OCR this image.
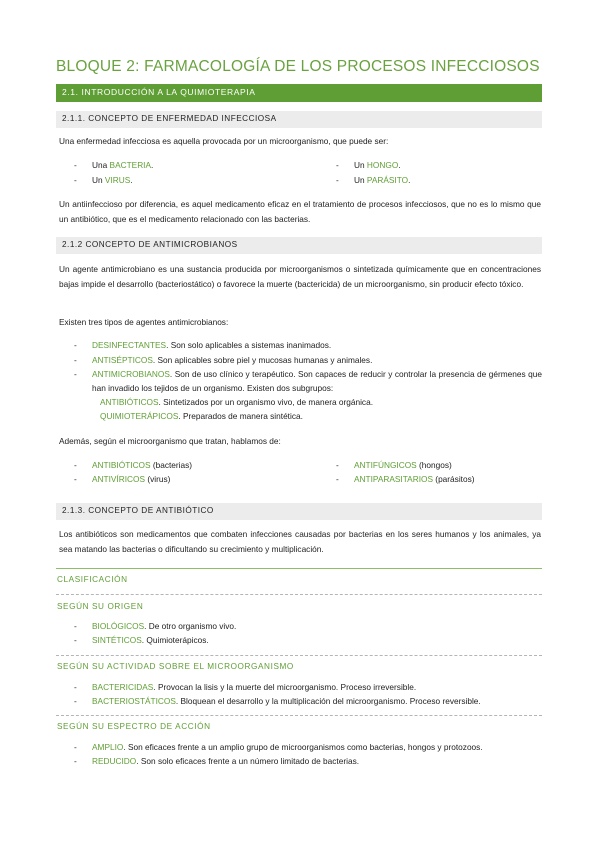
BLOQUE 2: FARMACOLOGÍA DE LOS PROCESOS INFECCIOSOS
2.1. INTRODUCCIÓN A LA QUIMIOTERAPIA
2.1.1. CONCEPTO DE ENFERMEDAD INFECCIOSA
Una enfermedad infecciosa es aquella provocada por un microorganismo, que puede ser:
- Una BACTERIA.
- Un VIRUS.
- Un HONGO.
- Un PARÁSITO.
Un antiinfeccioso por diferencia, es aquel medicamento eficaz en el tratamiento de procesos infecciosos, que no es lo mismo que un antibiótico, que es el medicamento relacionado con las bacterias.
2.1.2 CONCEPTO DE ANTIMICROBIANOS
Un agente antimicrobiano es una sustancia producida por microorganismos o sintetizada químicamente que en concentraciones bajas impide el desarrollo (bacteriostático) o favorece la muerte (bactericida) de un microorganismo, sin producir efecto tóxico.
Existen tres tipos de agentes antimicrobianos:
- DESINFECTANTES. Son solo aplicables a sistemas inanimados.
- ANTISÉPTICOS. Son aplicables sobre piel y mucosas humanas y animales.
- ANTIMICROBIANOS. Son de uso clínico y terapéutico. Son capaces de reducir y controlar la presencia de gérmenes que han invadido los tejidos de un organismo. Existen dos subgrupos:
ANTIBIÓTICOS. Sintetizados por un organismo vivo, de manera orgánica.
QUIMIOTERÁPICOS. Preparados de manera sintética.
Además, según el microorganismo que tratan, hablamos de:
- ANTIBIÓTICOS (bacterias)
- ANTIVÍRICOS (virus)
- ANTIFÚNGICOS (hongos)
- ANTIPARASITARIOS (parásitos)
2.1.3. CONCEPTO DE ANTIBIÓTICO
Los antibióticos son medicamentos que combaten infecciones causadas por bacterias en los seres humanos y los animales, ya sea matando las bacterias o dificultando su crecimiento y multiplicación.
CLASIFICACIÓN
SEGÚN SU ORIGEN
- BIOLÓGICOS. De otro organismo vivo.
- SINTÉTICOS. Quimioterápicos.
SEGÚN SU ACTIVIDAD SOBRE EL MICROORGANISMO
- BACTERICIDAS. Provocan la lisis y la muerte del microorganismo. Proceso irreversible.
- BACTERIOSTÁTICOS. Bloquean el desarrollo y la multiplicación del microorganismo. Proceso reversible.
SEGÚN SU ESPECTRO DE ACCIÓN
- AMPLIO. Son eficaces frente a un amplio grupo de microorganismos como bacterias, hongos y protozoos.
- REDUCIDO. Son solo eficaces frente a un número limitado de bacterias.
